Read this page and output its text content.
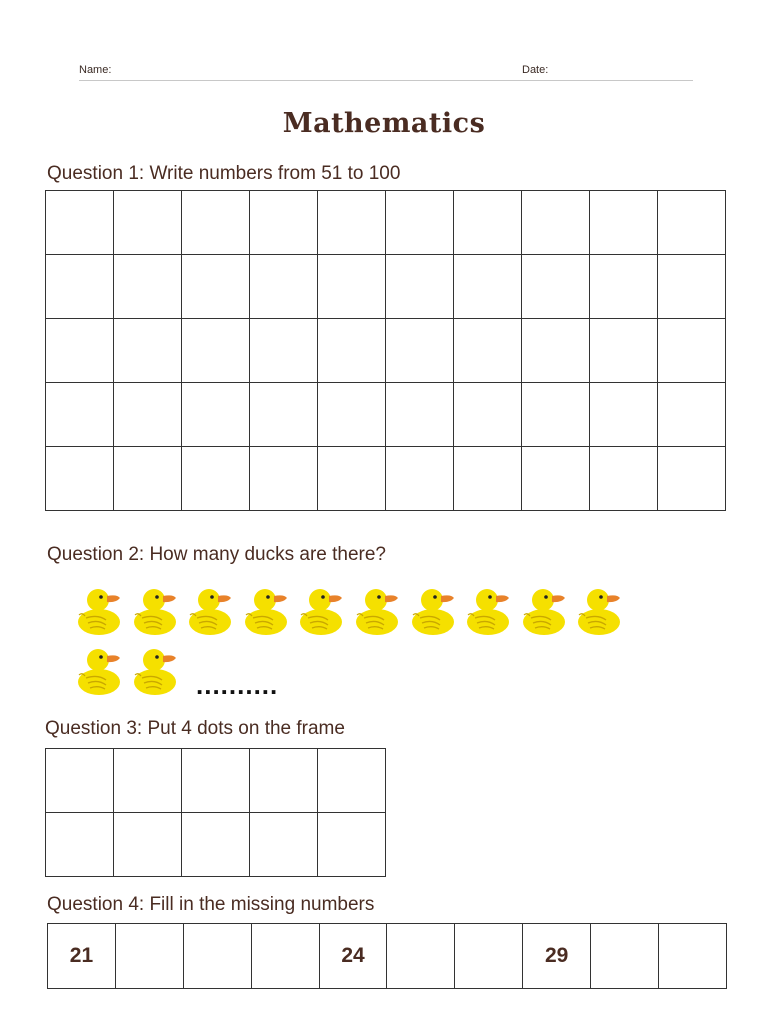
Name:	Date:
Mathematics
Question 1: Write numbers from 51 to 100

Question 2: How many ducks are there?
..........
Question 3: Put 4 dots on the frame

Question 4: Fill in the missing numbers
21				24			29		
